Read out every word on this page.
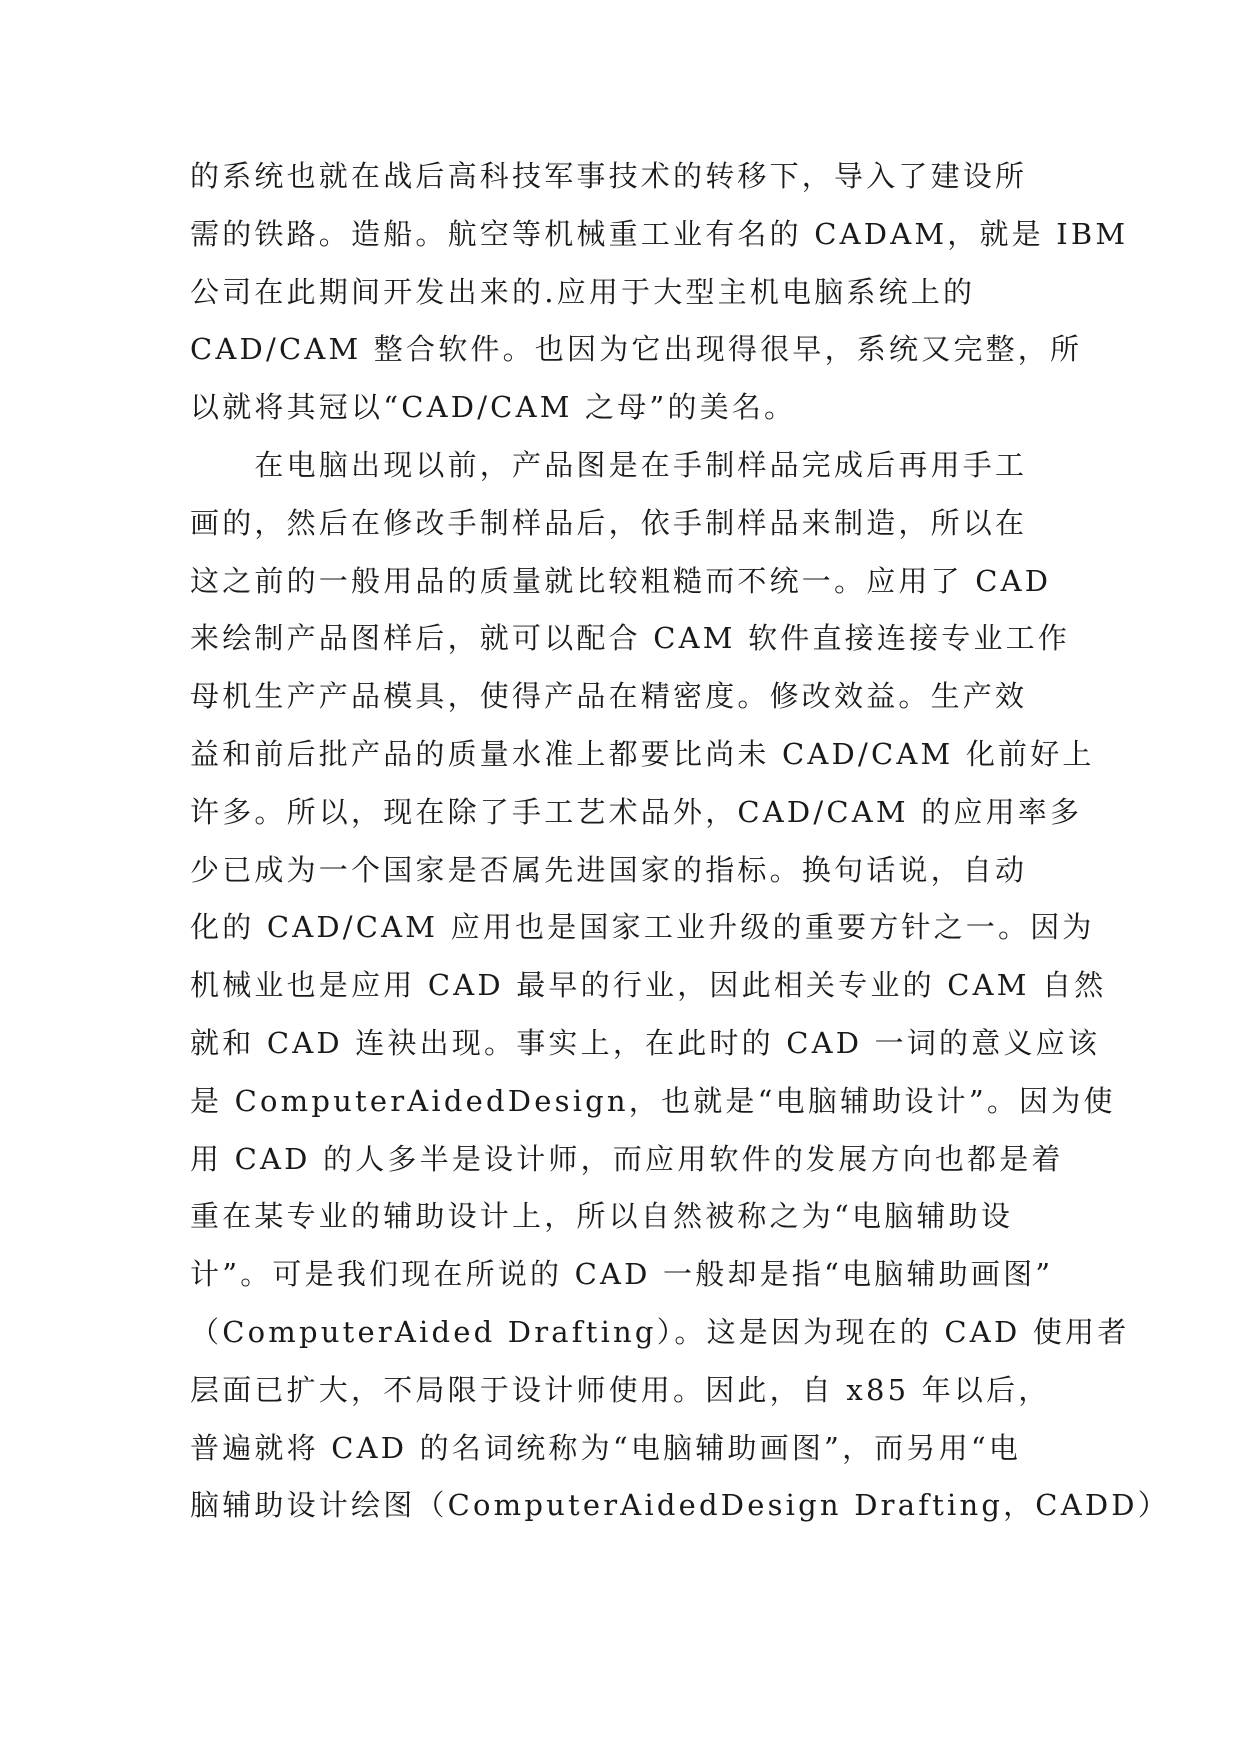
的系统也就在战后高科技军事技术的转移下，导入了建设所
需的铁路。造船。航空等机械重工业有名的 CADAM，就是 IBM
公司在此期间开发出来的.应用于大型主机电脑系统上的
CAD/CAM 整合软件。也因为它出现得很早，系统又完整，所
以就将其冠以“CAD/CAM 之母”的美名。
　　在电脑出现以前，产品图是在手制样品完成后再用手工
画的，然后在修改手制样品后，依手制样品来制造，所以在
这之前的一般用品的质量就比较粗糙而不统一。应用了 CAD
来绘制产品图样后，就可以配合 CAM 软件直接连接专业工作
母机生产产品模具，使得产品在精密度。修改效益。生产效
益和前后批产品的质量水准上都要比尚未 CAD/CAM 化前好上
许多。所以，现在除了手工艺术品外，CAD/CAM 的应用率多
少已成为一个国家是否属先进国家的指标。换句话说，自动
化的 CAD/CAM 应用也是国家工业升级的重要方针之一。因为
机械业也是应用 CAD 最早的行业，因此相关专业的 CAM 自然
就和 CAD 连袂出现。事实上，在此时的 CAD 一词的意义应该
是 ComputerAidedDesign，也就是“电脑辅助设计”。因为使
用 CAD 的人多半是设计师，而应用软件的发展方向也都是着
重在某专业的辅助设计上，所以自然被称之为“电脑辅助设
计”。可是我们现在所说的 CAD 一般却是指“电脑辅助画图”
（ComputerAided Drafting）。这是因为现在的 CAD 使用者
层面已扩大，不局限于设计师使用。因此，自 x85 年以后，
普遍就将 CAD 的名词统称为“电脑辅助画图”，而另用“电
脑辅助设计绘图（ComputerAidedDesign Drafting，CADD）
